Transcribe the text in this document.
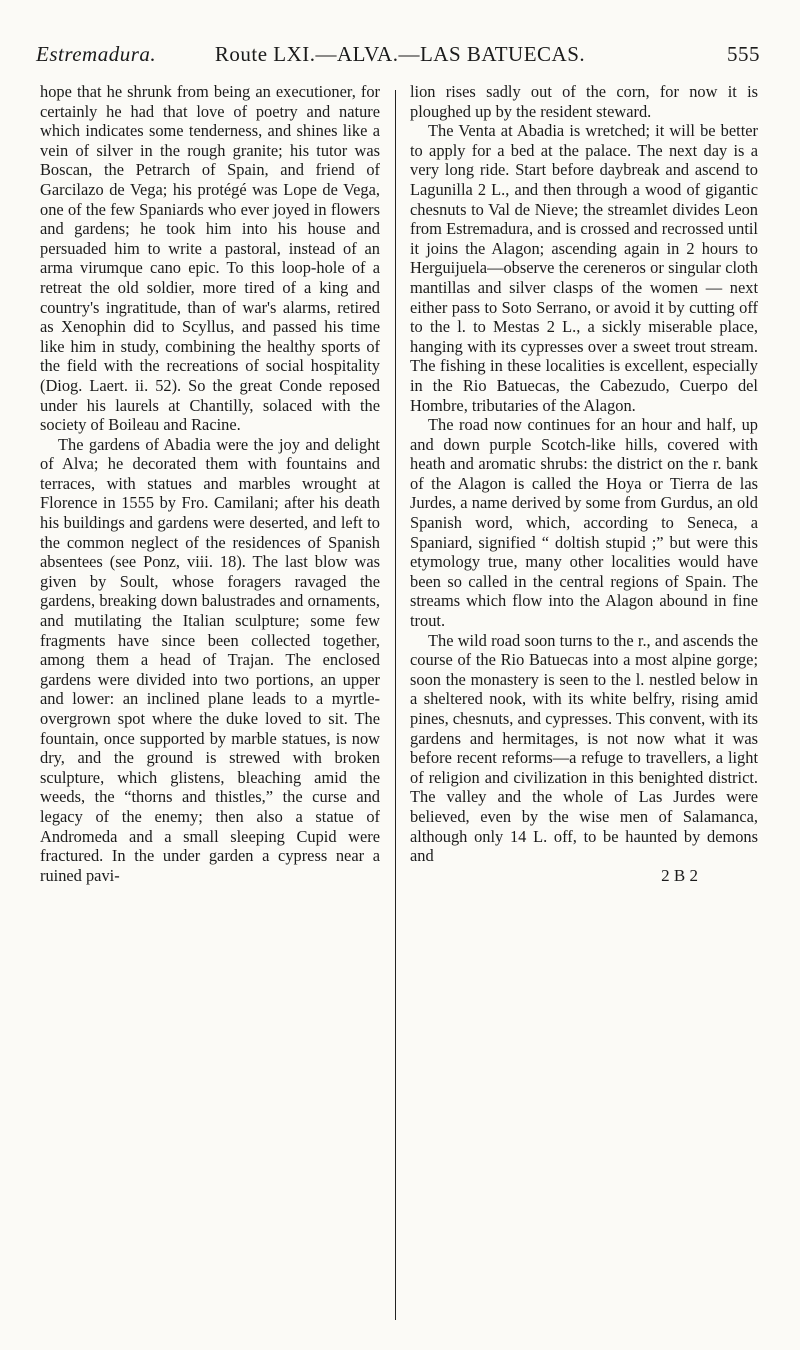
Estremadura.	Route LXI.—ALVA.—LAS BATUECAS.	555

hope that he shrunk from being an executioner, for certainly he had that love of poetry and nature which indicates some tenderness, and shines like a vein of silver in the rough granite; his tutor was Boscan, the Petrarch of Spain, and friend of Garcilazo de Vega; his protégé was Lope de Vega, one of the few Spaniards who ever joyed in flowers and gardens; he took him into his house and persuaded him to write a pastoral, instead of an arma virumque cano epic. To this loop-hole of a retreat the old soldier, more tired of a king and country's ingratitude, than of war's alarms, retired as Xenophin did to Scyllus, and passed his time like him in study, combining the healthy sports of the field with the recreations of social hospitality (Diog. Laert. ii. 52). So the great Conde reposed under his laurels at Chantilly, solaced with the society of Boileau and Racine.

The gardens of Abadia were the joy and delight of Alva; he decorated them with fountains and terraces, with statues and marbles wrought at Florence in 1555 by Fro. Camilani; after his death his buildings and gardens were deserted, and left to the common neglect of the residences of Spanish absentees (see Ponz, viii. 18). The last blow was given by Soult, whose foragers ravaged the gardens, breaking down balustrades and ornaments, and mutilating the Italian sculpture; some few fragments have since been collected together, among them a head of Trajan. The enclosed gardens were divided into two portions, an upper and lower: an inclined plane leads to a myrtle-overgrown spot where the duke loved to sit. The fountain, once supported by marble statues, is now dry, and the ground is strewed with broken sculpture, which glistens, bleaching amid the weeds, the “thorns and thistles,” the curse and legacy of the enemy; then also a statue of Andromeda and a small sleeping Cupid were fractured. In the under garden a cypress near a ruined pavi-

lion rises sadly out of the corn, for now it is ploughed up by the resident steward.

The Venta at Abadia is wretched; it will be better to apply for a bed at the palace. The next day is a very long ride. Start before daybreak and ascend to Lagunilla 2 L., and then through a wood of gigantic chesnuts to Val de Nieve; the streamlet divides Leon from Estremadura, and is crossed and recrossed until it joins the Alagon; ascending again in 2 hours to Herguijuela—observe the cereneros or singular cloth mantillas and silver clasps of the women — next either pass to Soto Serrano, or avoid it by cutting off to the l. to Mestas 2 L., a sickly miserable place, hanging with its cypresses over a sweet trout stream. The fishing in these localities is excellent, especially in the Rio Batuecas, the Cabezudo, Cuerpo del Hombre, tributaries of the Alagon.

The road now continues for an hour and half, up and down purple Scotch-like hills, covered with heath and aromatic shrubs: the district on the r. bank of the Alagon is called the Hoya or Tierra de las Jurdes, a name derived by some from Gurdus, an old Spanish word, which, according to Seneca, a Spaniard, signified “ doltish stupid ;” but were this etymology true, many other localities would have been so called in the central regions of Spain. The streams which flow into the Alagon abound in fine trout.

The wild road soon turns to the r., and ascends the course of the Rio Batuecas into a most alpine gorge; soon the monastery is seen to the l. nestled below in a sheltered nook, with its white belfry, rising amid pines, chesnuts, and cypresses. This convent, with its gardens and hermitages, is not now what it was before recent reforms—a refuge to travellers, a light of religion and civilization in this benighted district. The valley and the whole of Las Jurdes were believed, even by the wise men of Salamanca, although only 14 L. off, to be haunted by demons and

2 B 2
